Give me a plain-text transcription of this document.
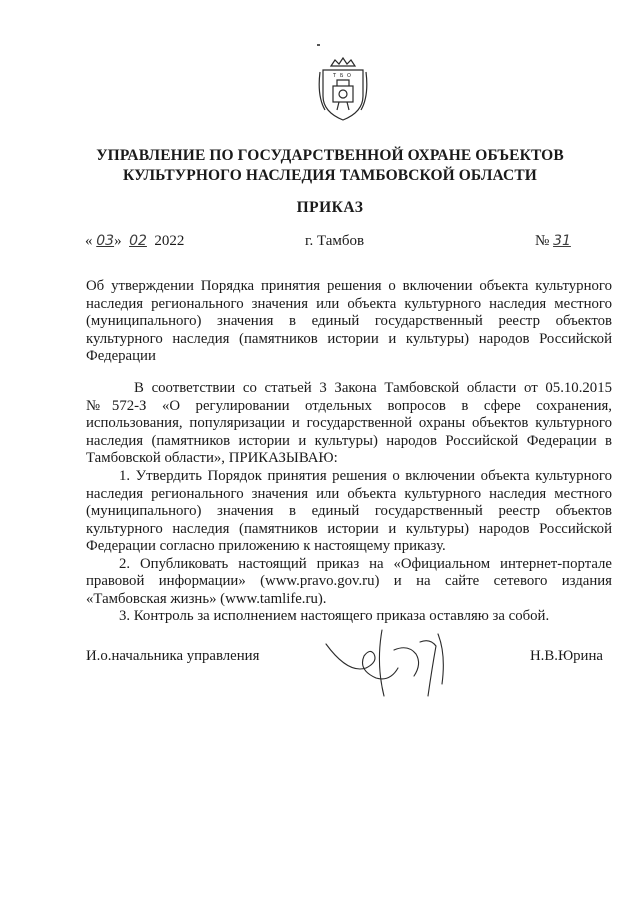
Т Б О
УПРАВЛЕНИЕ ПО ГОСУДАРСТВЕННОЙ ОХРАНЕ ОБЪЕКТОВ
КУЛЬТУРНОГО НАСЛЕДИЯ ТАМБОВСКОЙ ОБЛАСТИ
ПРИКАЗ
« 03»  02 2022	г. Тамбов	№ 31
Об утверждении Порядка принятия решения о включении объекта культурного наследия регионального значения или объекта культурного наследия местного (муниципального) значения в единый государственный реестр объектов культурного наследия (памятников истории и культуры) народов Российской Федерации
В соответствии со статьей 3 Закона Тамбовской области от 05.10.2015 №572-З «О регулировании отдельных вопросов в сфере сохранения, использования, популяризации и государственной охраны объектов культурного наследия (памятников истории и культуры) народов Российской Федерации в Тамбовской области», ПРИКАЗЫВАЮ:
1. Утвердить Порядок принятия решения о включении объекта культурного наследия регионального значения или объекта культурного наследия местного (муниципального) значения в единый государственный реестр объектов культурного наследия (памятников истории и культуры) народов Российской Федерации согласно приложению к настоящему приказу.
2. Опубликовать настоящий приказ на «Официальном интернет-портале правовой информации» (www.pravo.gov.ru) и на сайте сетевого издания «Тамбовская жизнь» (www.tamlife.ru).
3. Контроль за исполнением настоящего приказа оставляю за собой.
И.о.начальника управления	Н.В.Юрина
